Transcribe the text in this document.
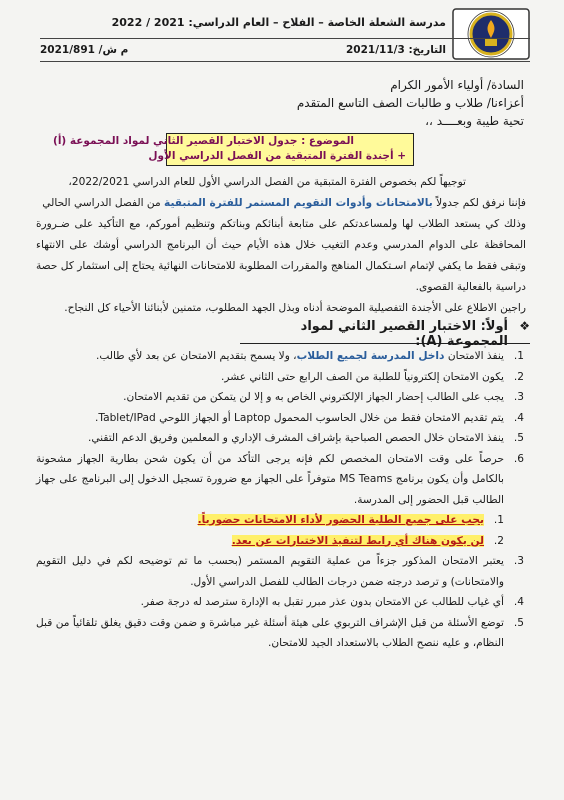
مدرسة الشعلة الخاصة – الفلاح – العام الدراسي: 2021 / 2022
التاريخ: 2021/11/3
م ش/ 2021/891
السادة/ أولياء الأمور الكرام
أعزاءنا/ طلاب و طالبات الصف التاسع المتقدم
تحية طيبة وبعــــد ،،
الموضوع : جدول الاختبار القصير الثاني لمواد المجموعة (أ)
+ أجندة الفترة المتبقية من الفصل الدراسي الأول
توجيهاً لكم بخصوص الفترة المتبقية من الفصل الدراسي الأول للعام الدراسي 2022/2021،
فإننا نرفق لكم جدولاً بالامتحانات وأدوات التقويم المستمر للفترة المتبقية من الفصل الدراسي الحالي
وذلك كي يستعد الطلاب لها ولمساعدتكم على متابعة أبنائكم وبناتكم وتنظيم أموركم، مع التأكيد على ضـرورة المحافظة على الدوام المدرسي وعدم التغيب خلال هذه الأيام حيث أن البرنامج الدراسي أوشك على الانتهاء وتبقى فقط ما يكفي لإتمام اسـتكمال المناهج والمقررات المطلوبة للامتحانات النهائية يحتاج إلى استثمار كل حصة دراسية بالفعالية القصوى.
راجين الاطلاع على الأجندة التفصيلية الموضحة أدناه وبذل الجهد المطلوب، متمنين لأبنائنا الأحياء كل النجاح.
❖
أولاً: الاختبار القصير الثاني لمواد المجموعة (A):
1.
ينفذ الامتحان داخل المدرسة لجميع الطلاب، ولا يسمح بتقديم الامتحان عن بعد لأي طالب.
2.
يكون الامتحان إلكترونياً للطلبة من الصف الرابع حتى الثاني عشر.
3.
يجب على الطالب إحضار الجهاز الإلكتروني الخاص به و إلا لن يتمكن من تقديم الامتحان.
4.
يتم تقديم الامتحان فقط من خلال الحاسوب المحمول Laptop أو الجهاز اللوحي Tablet/IPad.
5.
ينفذ الامتحان خلال الحصص الصباحية بإشراف المشرف الإداري و المعلمين وفريق الدعم التقني.
6.
حرصاً على وقت الامتحان المخصص لكم فإنه يرجى التأكد من أن يكون شحن بطارية الجهاز مشحونة بالكامل وأن يكون برنامج MS Teams متوفراً على الجهاز مع ضرورة تسجيل الدخول إلى البرنامج على جهاز الطالب قبل الحضور إلى المدرسة.
1.
يجب على جميع الطلبة الحضور لأداء الامتحانات حضورياً.
2.
لن يكون هناك أي رابط لتنفيذ الاختبارات عن بعد.
3.
يعتبر الامتحان المذكور جزءاً من عملية التقويم المستمر (بحسب ما تم توضيحه لكم في دليل التقويم والامتحانات) و ترصد درجته ضمن درجات الطالب للفصل الدراسي الأول.
4.
أي غياب للطالب عن الامتحان بدون عذر مبرر تقبل به الإدارة سترصد له درجة صفر.
5.
توضع الأسئلة من قبل الإشراف التربوي على هيئة أسئلة غير مباشرة و ضمن وقت دقيق يغلق تلقائياً من قبل النظام، و عليه ننصح الطلاب بالاستعداد الجيد للامتحان.
